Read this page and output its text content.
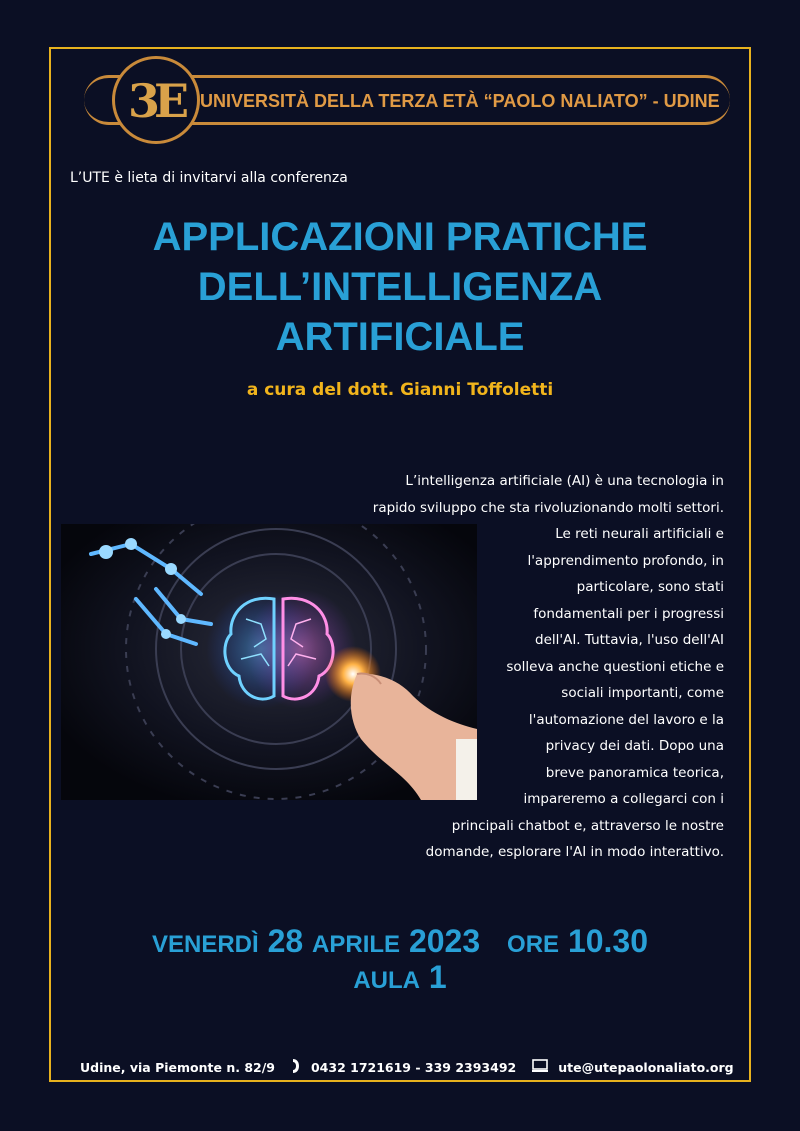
3E UNIVERSITÀ DELLA TERZA ETÀ “PAOLO NALIATO” - UDINE
L’UTE è lieta di invitarvi alla conferenza
APPLICAZIONI PRATICHE
DELL’INTELLIGENZA
ARTIFICIALE
a cura del dott. Gianni Toffoletti
L’intelligenza artificiale (AI) è una tecnologia in
rapido sviluppo che sta rivoluzionando molti settori.
Le reti neurali artificiali e
l'apprendimento profondo, in
particolare, sono stati
fondamentali per i progressi
dell'AI. Tuttavia, l'uso dell'AI
solleva anche questioni etiche e
sociali importanti, come
l'automazione del lavoro e la
privacy dei dati. Dopo una
breve panoramica teorica,
impareremo a collegarci con i
principali chatbot e, attraverso le nostre
domande, esplorare l'AI in modo interattivo.
VENERDÌ 28 APRILE 2023 ORE 10.30
AULA 1
Udine, via Piemonte n. 82/9	0432 1721619 - 339 2393492	ute@utepaolonaliato.org
